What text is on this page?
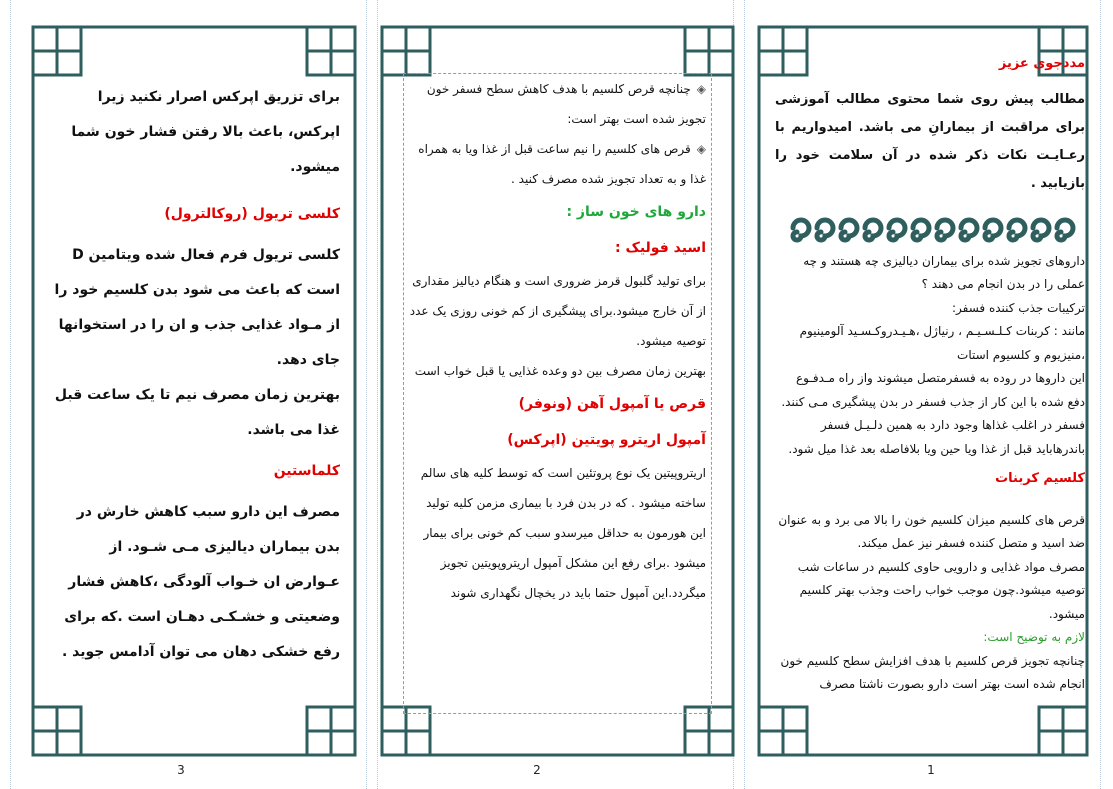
برای تزریق اپرکس اصرار نکنید زیرا اپرکس، باعث بالا رفتن فشار خون شما میشود.

کلسی تریول (روکالترول)

کلسی تریول فرم فعال شده ویتامین D است که باعث می شود بدن کلسیم خود را از مـواد غذایی جذب و ان را در استخوانها جای دهد.

بهترین زمان مصرف نیم تا یک ساعت قبل غذا می باشد.

کلماستین

مصرف این دارو سبب کاهش خارش در بدن بیماران دیالیزی مـی شـود. از عـوارض ان خـواب آلودگی ،کاهش فشار وضعیتی و خشـکـی دهـان است .که برای رفع خشکی دهان می توان آدامس جوید .

3

◈چنانچه قرص کلسیم با هدف کاهش سطح فسفر خون تجویز شده است بهتر است:

◈قرص های کلسیم را نیم ساعت قبل از غذا ویا به همراه غذا و به تعداد تجویز شده مصرف کنید .

دارو های خون ساز :

اسید فولیک :

برای تولید گلبول قرمز ضروری است و هنگام دیالیز مقداری از آن خارج میشود.برای پیشگیری از کم خونی روزی یک عدد توصیه میشود.

بهترین زمان مصرف بین دو وعده غذایی یا قبل خواب است

قرص یا آمپول آهن (ونوفر)

آمپول اریترو پویتین (اپرکس)

اریتروپیتین یک نوع پروتئین است که توسط کلیه های سالم ساخته میشود . که در بدن فرد با بیماری مزمن کلیه تولید این هورمون به حداقل میرسدو سبب کم خونی برای بیمار میشود .برای رفع این مشکل آمپول اریتروپویتین تجویز میگردد.این آمپول حتما باید در یخچال نگهداری شوند

2

مددجوی عزیز

مطالب پیش روی شما محتوی مطالب آموزشی برای مراقبت از بیمارانِ می باشد. امیدواریم با رعـایـت نکات ذکر شده در آن سلامت خود را بازیابید .

داروهای تجویز شده برای بیماران دیالیزی چه هستند و چه عملی را در بدن انجام می دهند ؟

ترکیبات جذب کننده فسفر:

مانند : کربنات کـلـسـیـم ، رنیاژل ،هـیـدروکـسـید آلومینیوم ،منیزیوم و کلسیوم استات

این داروها در روده به فسفرمتصل میشوند واز راه مـدفـوع دفع شده با این کار از جذب فسفر در بدن پیشگیری مـی کنند.

فسفر در اغلب غذاها وجود دارد به همین دلـیـل فسفر باندرهاباید قبل از غذا ویا حین ویا بلافاصله بعد غذا میل شود.

کلسیم کربنات

قرص های کلسیم میزان کلسیم خون را بالا می برد و به عنوان ضد اسید و متصل کننده فسفر نیز عمل میکند.

مصرف مواد غذایی و دارویی حاوی کلسیم در ساعات شب توصیه میشود.چون موجب خواب راحت وجذب بهتر کلسیم میشود.

لازم به توضیح است:

چنانچه تجویز قرص کلسیم با هدف افزایش سطح کلسیم خون انجام شده است بهتر است دارو بصورت ناشتا مصرف

1
